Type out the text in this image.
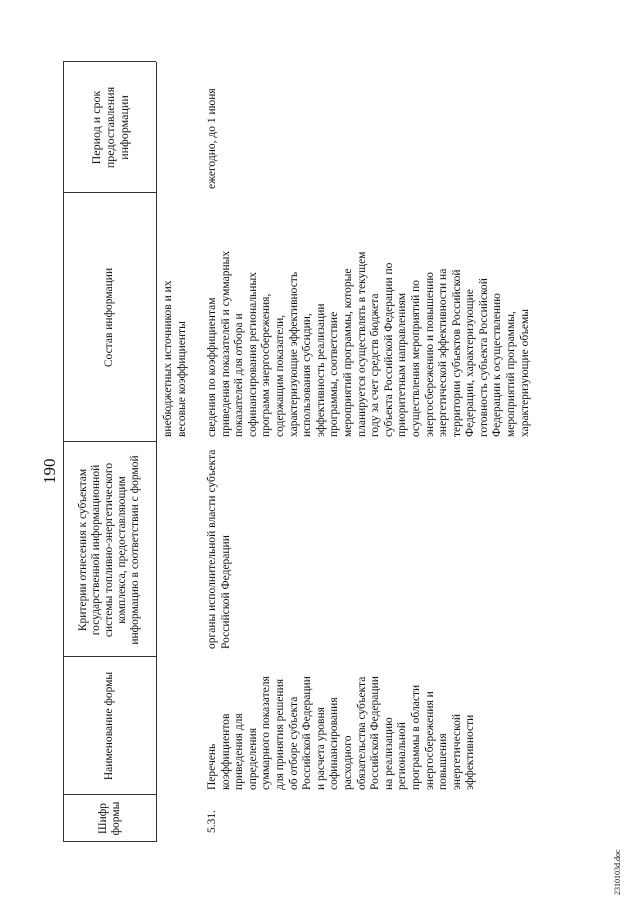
190
2310103d.doc
Шифр формы
Наименование формы
Критерии отнесения к субъектам государственной информационной системы топливно-энергетического комплекса, предоставляющим информацию в соответствии с формой
Состав информации
Период и срок предоставления информации
внебюджетных источников и их
весовые коэффициенты
5.31.
Перечень
коэффициентов
приведения для
определения
суммарного показателя
для принятия решения
об отборе субъекта
Российской Федерации
и расчета уровня
софинансирования
расходного
обязательства субъекта
Российской Федерации
на реализацию
региональной
программы в области
энергосбережения и
повышения
энергетической
эффективности
органы исполнительной власти субъекта
Российской Федерации
сведения по коэффициентам
приведения показателей и суммарных
показателей для отбора и
софинансирования региональных
программ энергосбережения,
содержащим показатели,
характеризующие эффективность
использования субсидии,
эффективность реализации
программы, соответствие
мероприятий программы, которые
планируется осуществлять в текущем
году за счет средств бюджета
субъекта Российской Федерации по
приоритетным направлениям
осуществления мероприятий по
энергосбережению и повышению
энергетической эффективности на
территории субъектов Российской
Федерации, характеризующие
готовность субъекта Российской
Федерации к осуществлению
мероприятий программы,
характеризующие объемы
ежегодно, до 1 июня
